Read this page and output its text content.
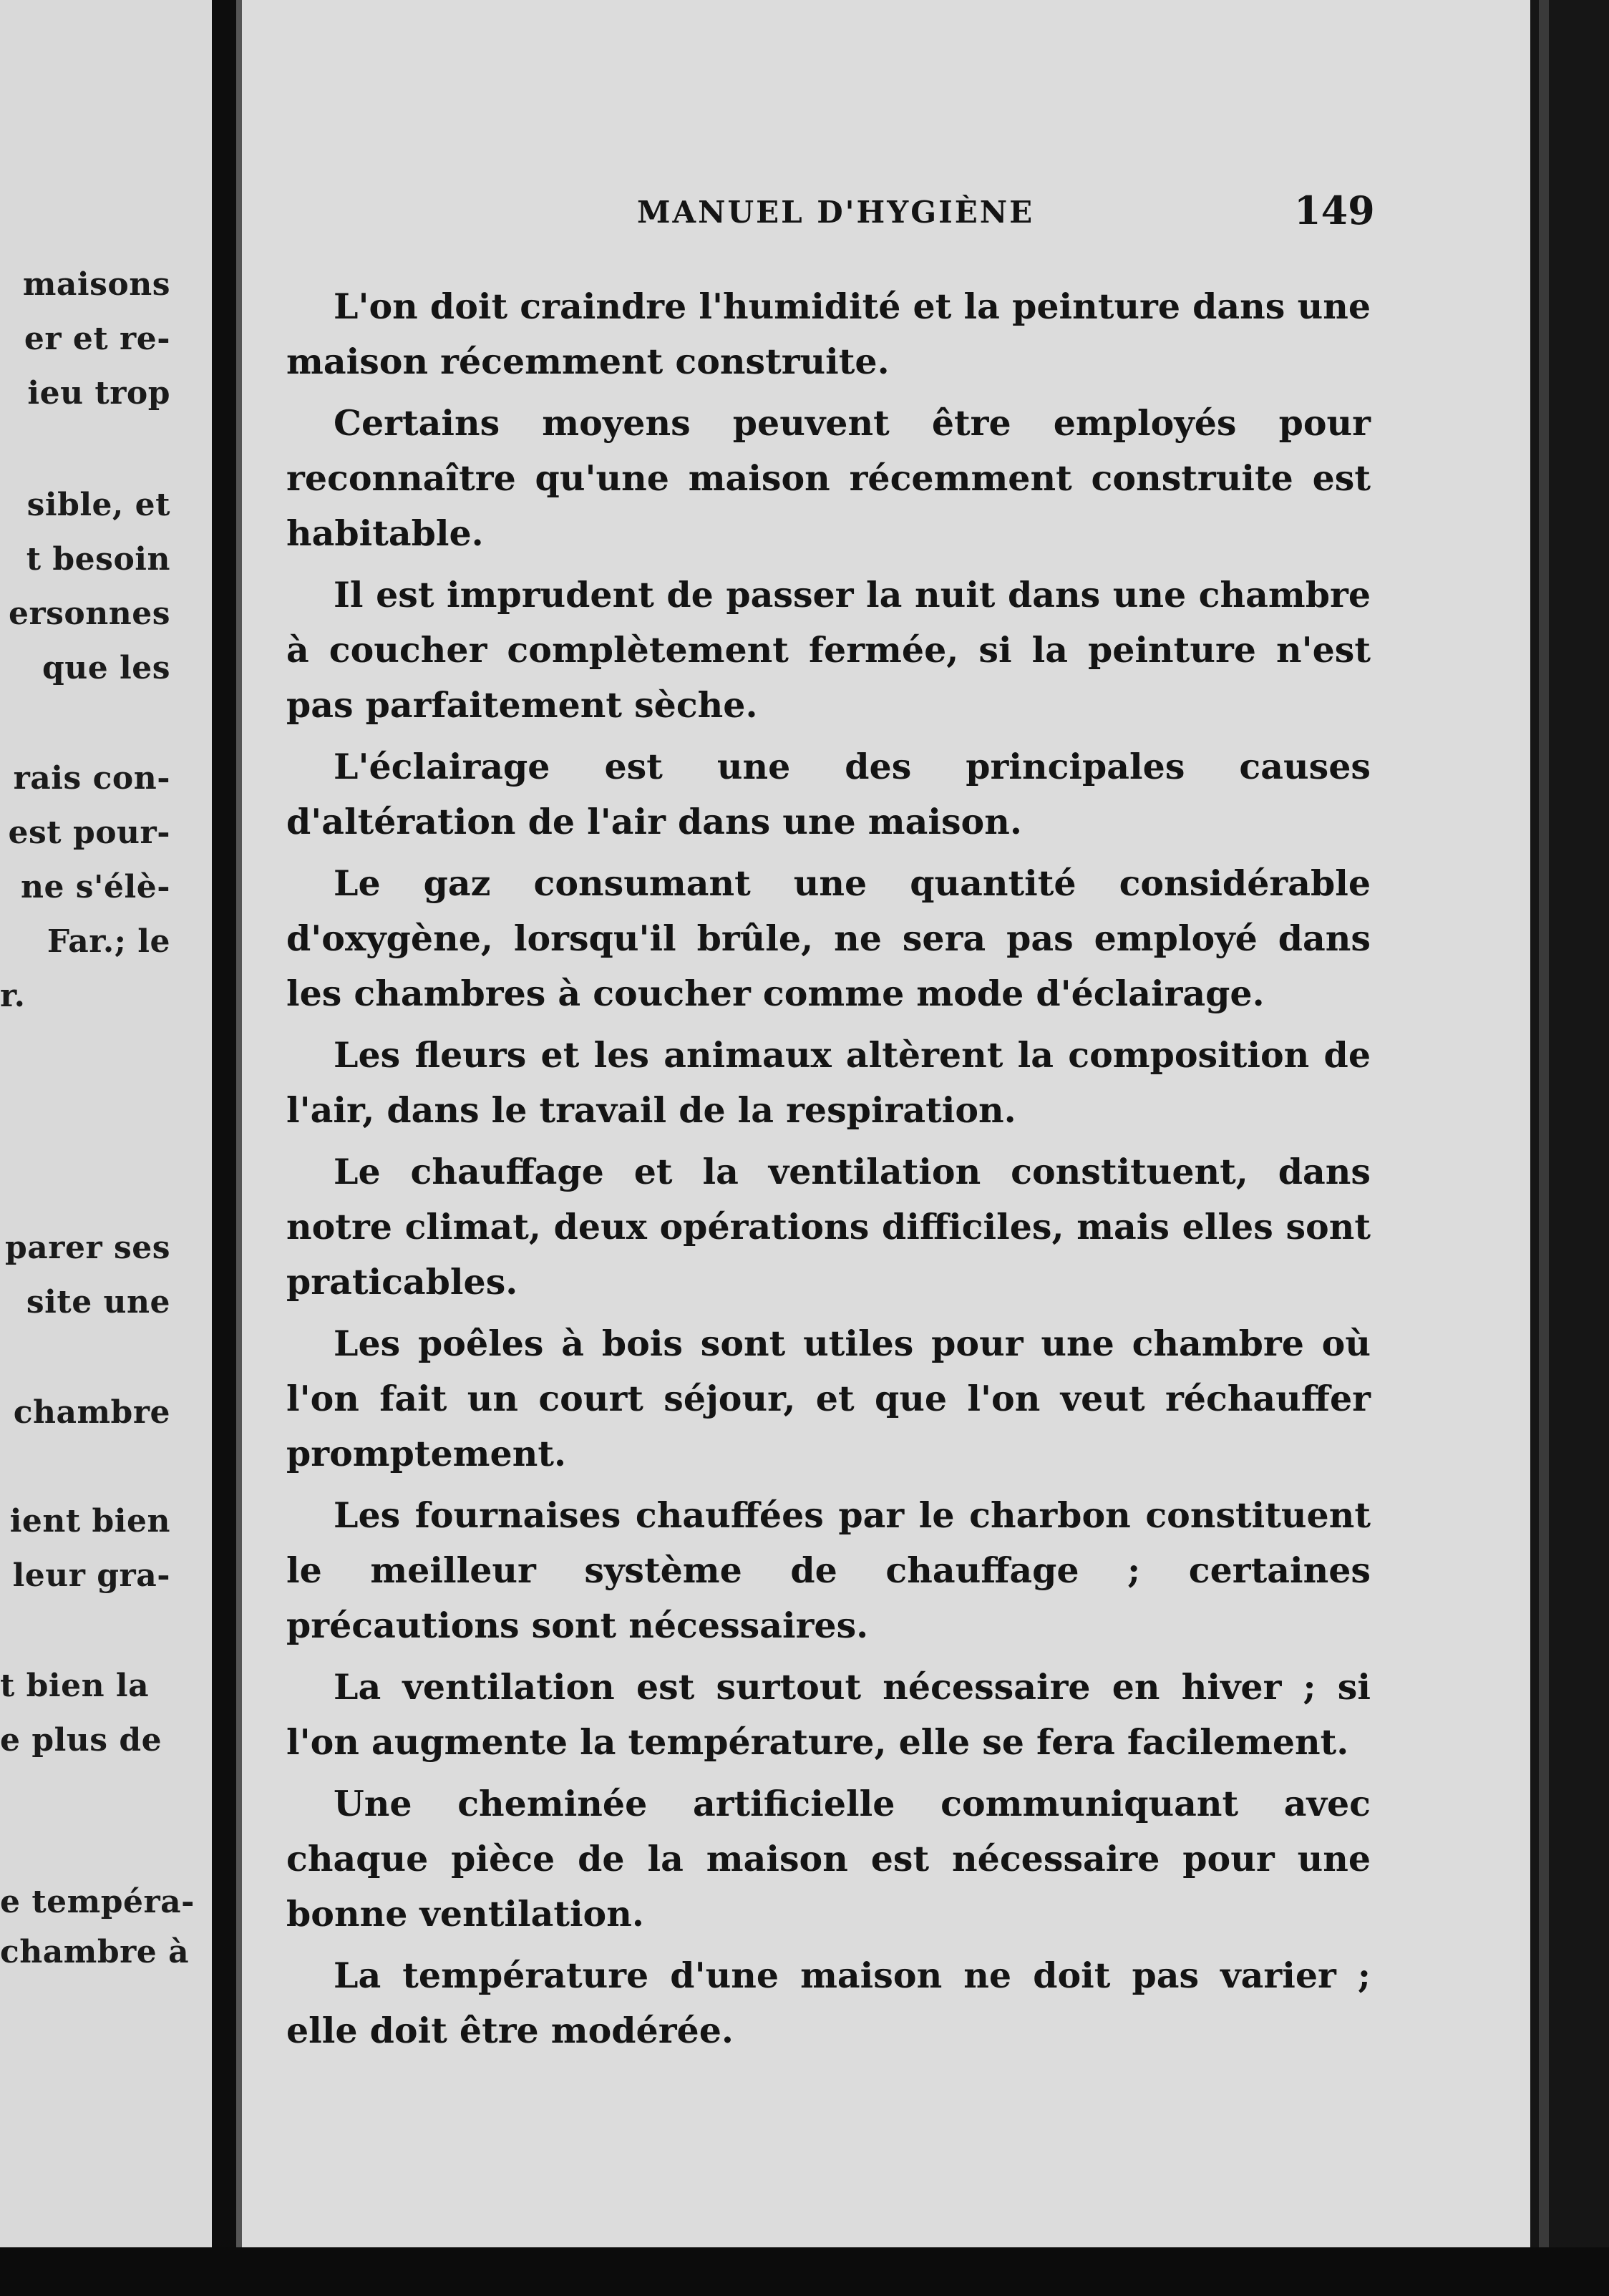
maisons
er et re-
ieu trop
sible, et
t besoin
ersonnes
que les
rais con-
est pour-
ne s'élè-
Far.; le
r.
parer ses
site une
chambre
ient bien
leur gra-
t bien la
e plus de
e tempéra-
chambre à
MANUEL D'HYGIÈNE	149

L'on doit craindre l'humidité et la peinture dans une maison récemment construite.

Certains moyens peuvent être employés pour reconnaître qu'une maison récemment construite est habitable.

Il est imprudent de passer la nuit dans une chambre à coucher complètement fermée, si la peinture n'est pas parfaitement sèche.

L'éclairage est une des principales causes d'altération de l'air dans une maison.

Le gaz consumant une quantité considérable d'oxygène, lorsqu'il brûle, ne sera pas employé dans les chambres à coucher comme mode d'éclairage.

Les fleurs et les animaux altèrent la composition de l'air, dans le travail de la respiration.

Le chauffage et la ventilation constituent, dans notre climat, deux opérations difficiles, mais elles sont praticables.

Les poêles à bois sont utiles pour une chambre où l'on fait un court séjour, et que l'on veut réchauffer promptement.

Les fournaises chauffées par le charbon constituent le meilleur système de chauffage ; certaines précautions sont nécessaires.

La ventilation est surtout nécessaire en hiver ; si l'on augmente la température, elle se fera facilement.

Une cheminée artificielle communiquant avec chaque pièce de la maison est nécessaire pour une bonne ventilation.

La température d'une maison ne doit pas varier ; elle doit être modérée.
